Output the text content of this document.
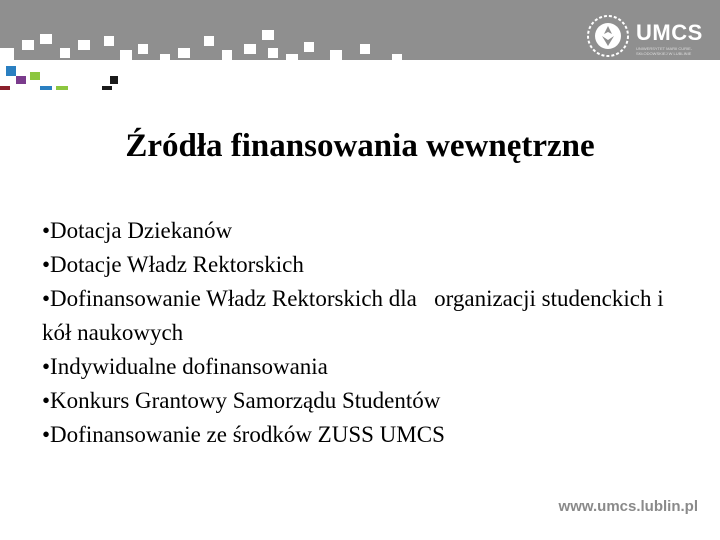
UMCS
UNIWERSYTET MARII CURIE-SKŁODOWSKIEJ W LUBLINIE
Źródła finansowania wewnętrzne

•Dotacja Dziekanów

•Dotacje Władz Rektorskich

•Dofinansowanie Władz Rektorskich dla   organizacji studenckich i kół naukowych

•Indywidualne dofinansowania

•Konkurs Grantowy Samorządu Studentów

•Dofinansowanie ze środków ZUSS UMCS

www.umcs.lublin.pl
